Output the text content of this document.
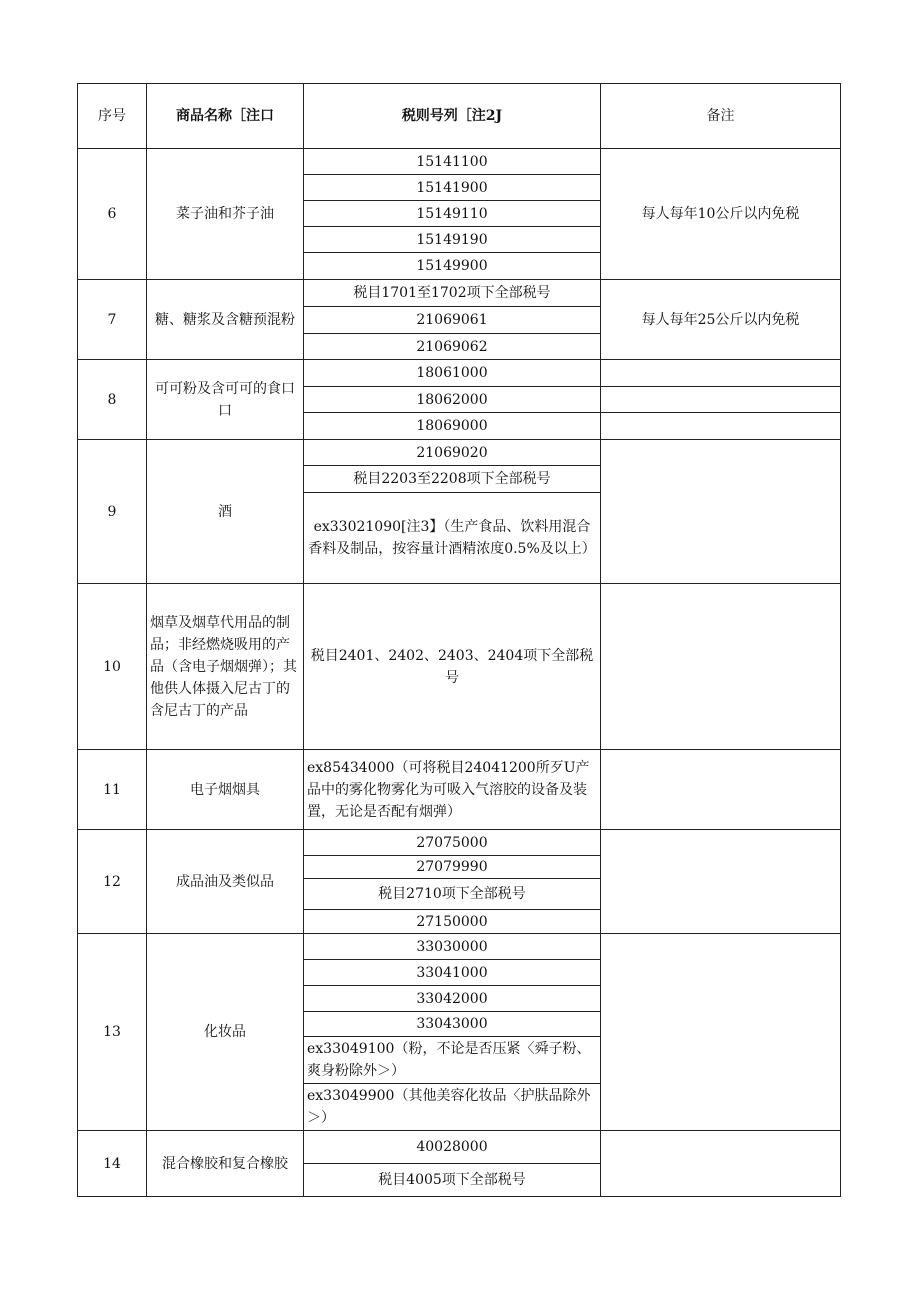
序号	商品名称［注口	税则号列［注2J	备注
6	菜子油和芥子油	15141100	每人每年10公斤以内免税
		15141900	
		15149110	
		15149190	
		15149900	
7	糖、糖浆及含糖预混粉	税目1701至1702项下全部税号	每人每年25公斤以内免税
		21069061	
		21069062	
8	可可粉及含可可的食口口	18061000	
		18062000	
		18069000	
9	酒	21069020	
		税目2203至2208项下全部税号	
		ex33021090[注3】（生产食品、饮料用混合香料及制品，按容量计酒精浓度0.5%及以上）	
10	烟草及烟草代用品的制品；非经燃烧吸用的产品（含电子烟烟弹）；其他供人体摄入尼古丁的含尼古丁的产品	税目2401、2402、2403、2404项下全部税号	
11	电子烟烟具	ex85434000（可将税目24041200所歹U产品中的雾化物雾化为可吸入气溶胶的设备及装置，无论是否配有烟弹）	
12	成品油及类似品	27075000	
		27079990	
		税目2710项下全部税号	
		27150000	
13	化妆品	33030000	
		33041000	
		33042000	
		33043000	
		ex33049100（粉，不论是否压紧〈舜子粉、爽身粉除外＞）	
		ex33049900（其他美容化妆品〈护肤品除外＞）	
14	混合橡胶和复合橡胶	40028000	
		税目4005项下全部税号	
